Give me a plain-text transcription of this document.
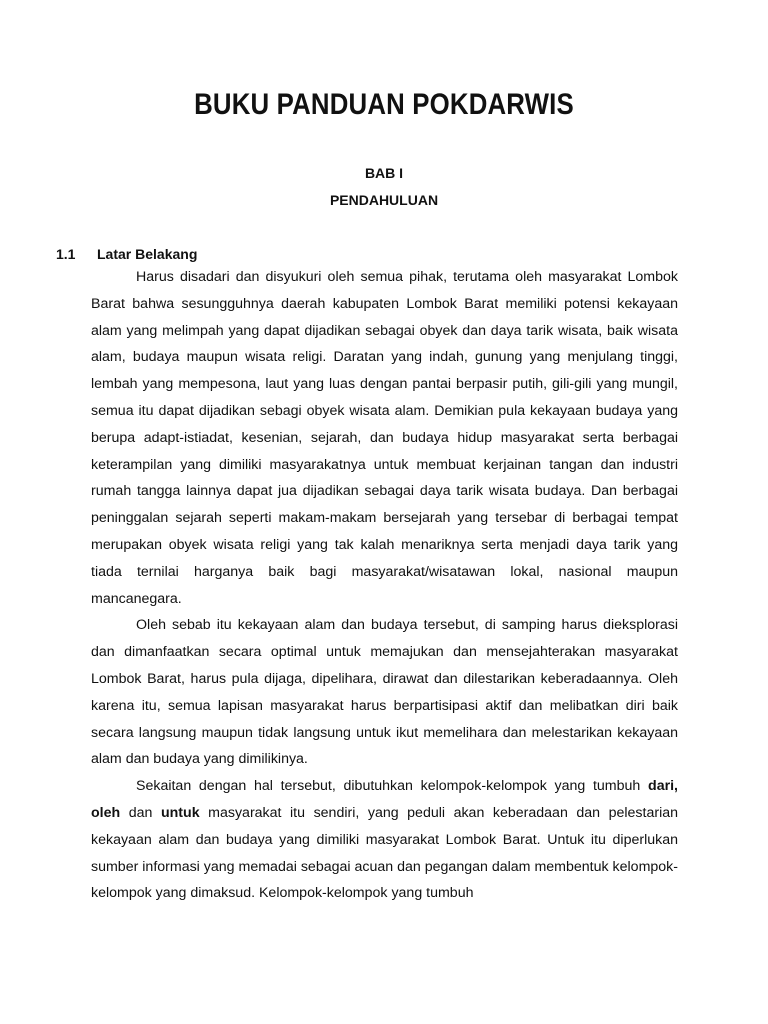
BUKU PANDUAN POKDARWIS
BAB I
PENDAHULUAN
1.1 Latar Belakang

Harus disadari dan disyukuri oleh semua pihak, terutama oleh masyarakat Lombok Barat bahwa sesungguhnya daerah kabupaten Lombok Barat memiliki potensi kekayaan alam yang melimpah yang dapat dijadikan sebagai obyek dan daya tarik wisata, baik wisata alam, budaya maupun wisata religi. Daratan yang indah, gunung yang menjulang tinggi, lembah yang mempesona, laut yang luas dengan pantai berpasir putih, gili-gili yang mungil, semua itu dapat dijadikan sebagi obyek wisata alam. Demikian pula kekayaan budaya yang berupa adapt-istiadat, kesenian, sejarah, dan budaya hidup masyarakat serta berbagai keterampilan yang dimiliki masyarakatnya untuk membuat kerjainan tangan dan industri rumah tangga lainnya dapat jua dijadikan sebagai daya tarik wisata budaya. Dan berbagai peninggalan sejarah seperti makam-makam bersejarah yang tersebar di berbagai tempat merupakan obyek wisata religi yang tak kalah menariknya serta menjadi daya tarik yang tiada ternilai harganya baik bagi masyarakat/wisatawan lokal, nasional maupun mancanegara.

Oleh sebab itu kekayaan alam dan budaya tersebut, di samping harus dieksplorasi dan dimanfaatkan secara optimal untuk memajukan dan mensejahterakan masyarakat Lombok Barat, harus pula dijaga, dipelihara, dirawat dan dilestarikan keberadaannya. Oleh karena itu, semua lapisan masyarakat harus berpartisipasi aktif dan melibatkan diri baik secara langsung maupun tidak langsung untuk ikut memelihara dan melestarikan kekayaan alam dan budaya yang dimilikinya.

Sekaitan dengan hal tersebut, dibutuhkan kelompok-kelompok yang tumbuh dari, oleh dan untuk masyarakat itu sendiri, yang peduli akan keberadaan dan pelestarian kekayaan alam dan budaya yang dimiliki masyarakat Lombok Barat. Untuk itu diperlukan sumber informasi yang memadai sebagai acuan dan pegangan dalam membentuk kelompok-kelompok yang dimaksud. Kelompok-kelompok yang tumbuh
